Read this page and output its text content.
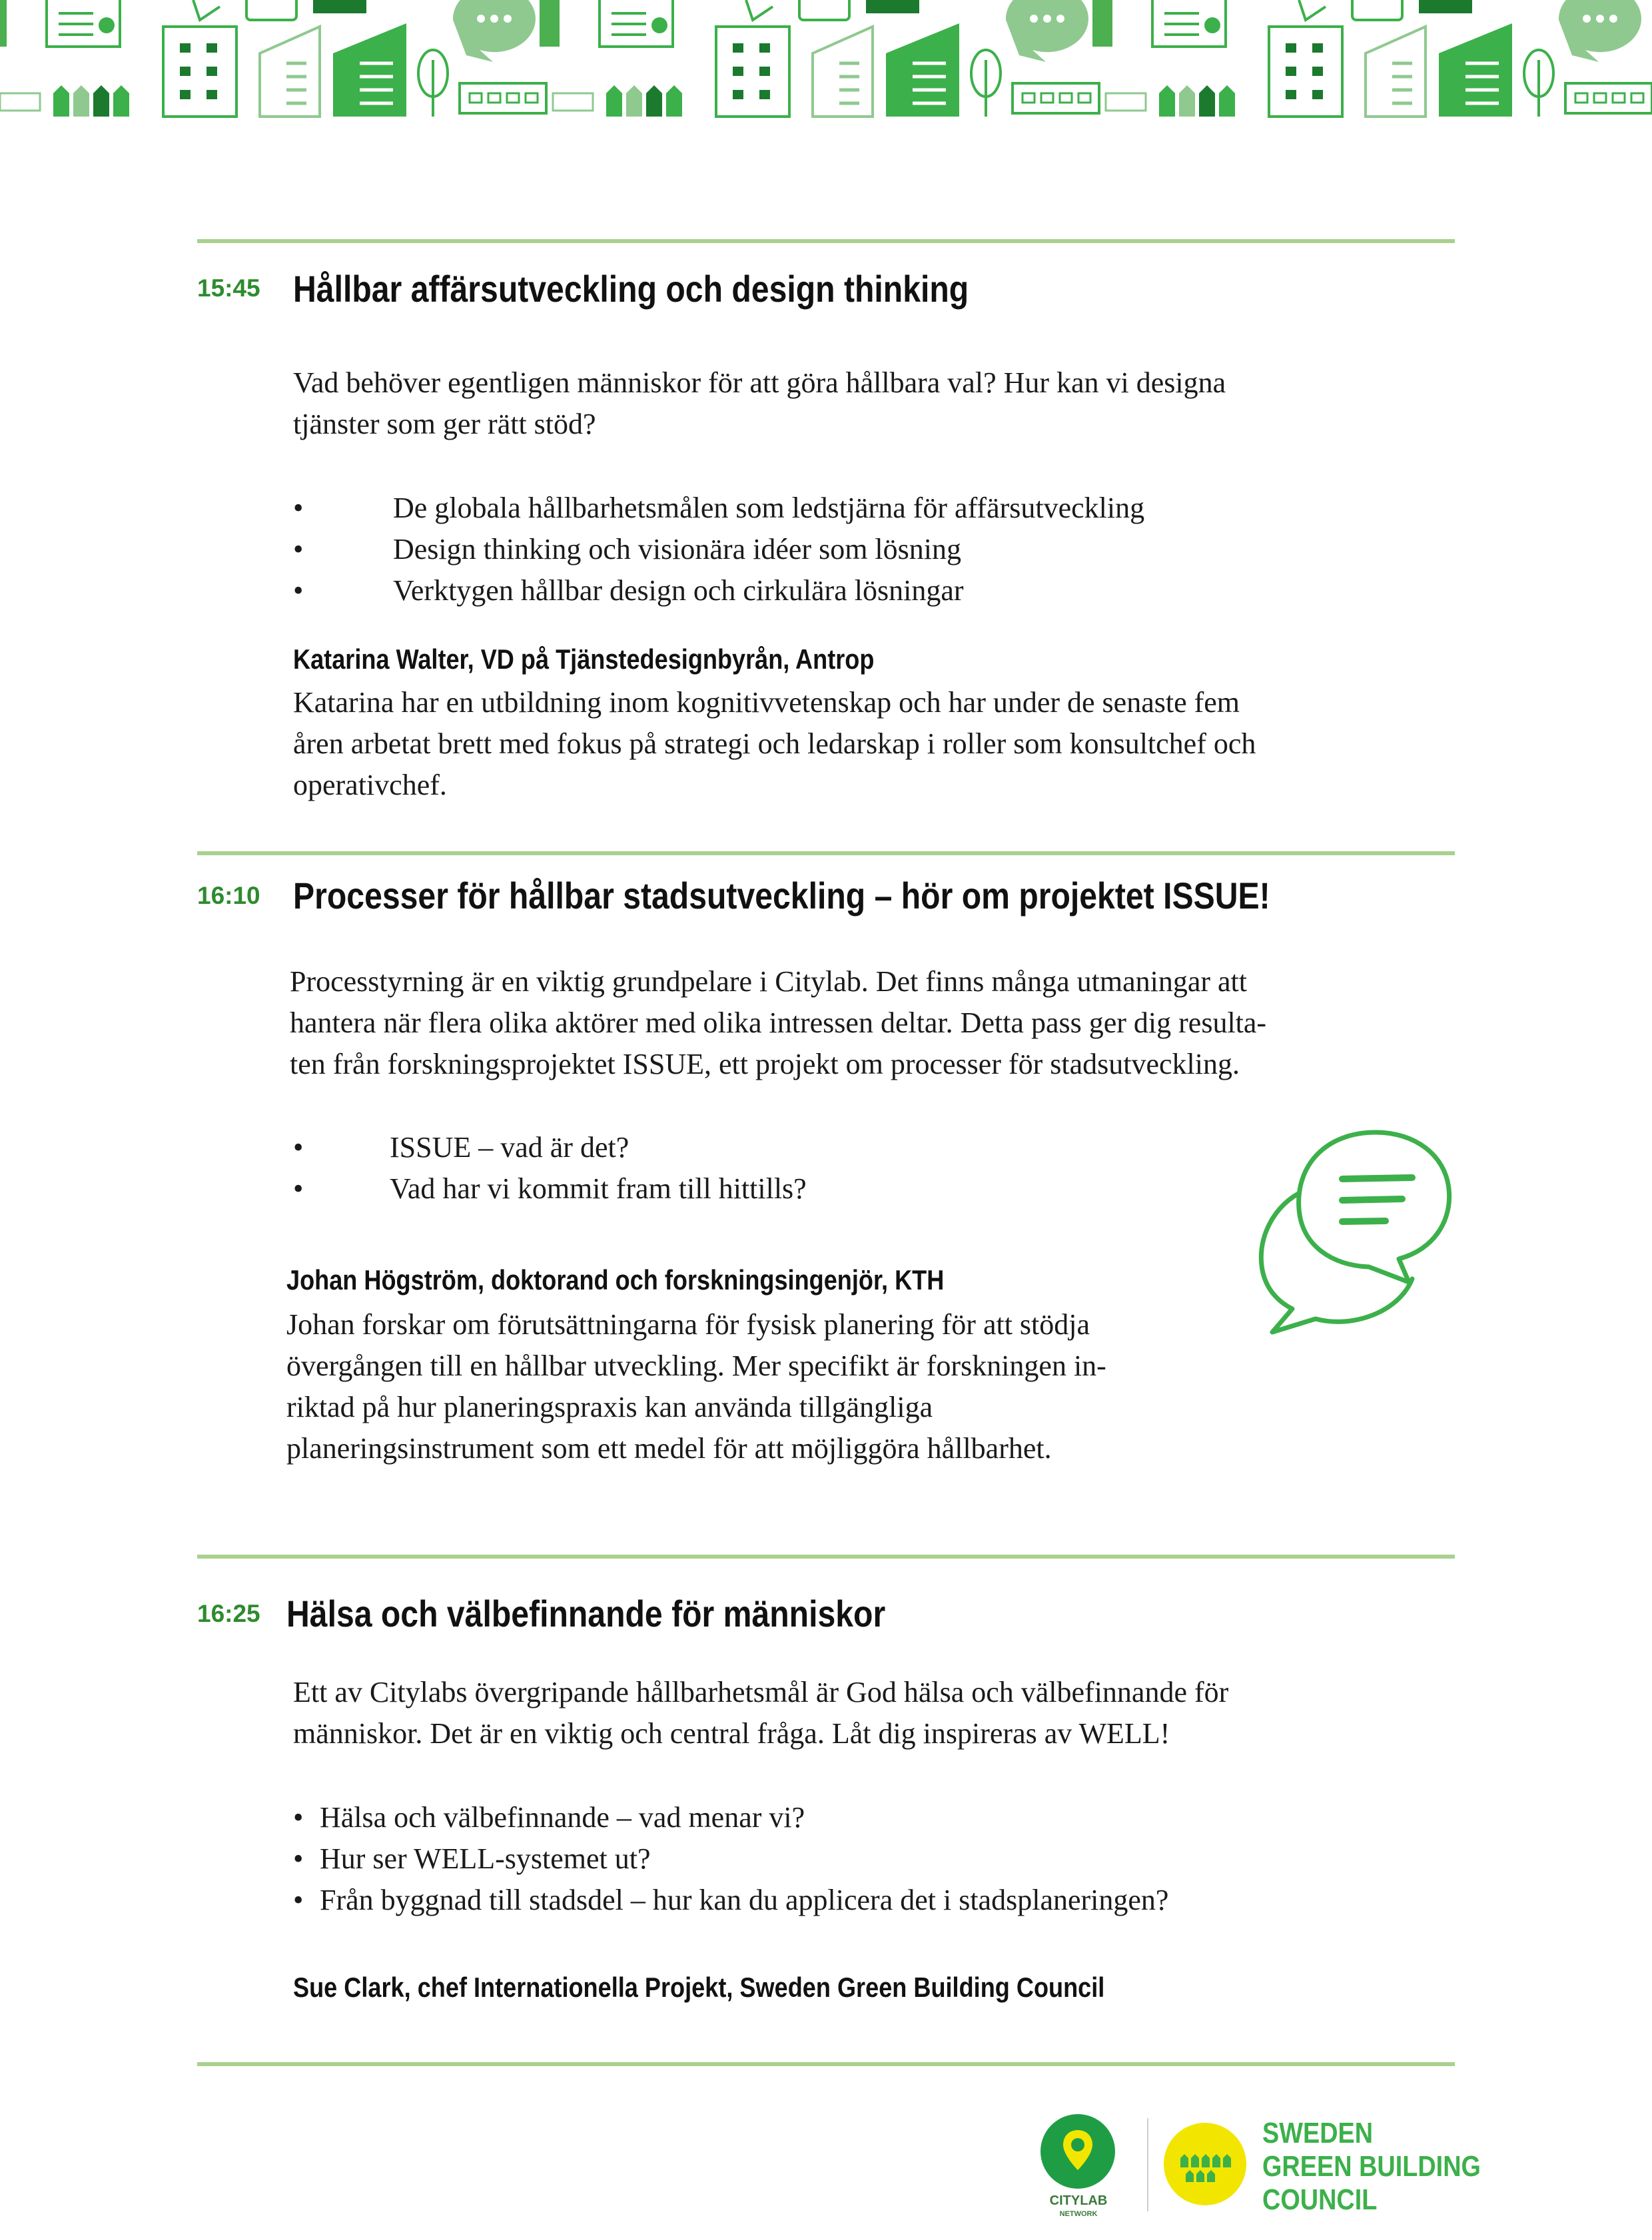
15:45 Hållbar affärsutveckling och design thinking
Vad behöver egentligen människor för att göra hållbara val? Hur kan vi designa
tjänster som ger rätt stöd?
•	De globala hållbarhetsmålen som ledstjärna för affärsutveckling
•	Design thinking och visionära idéer som lösning
•	Verktygen hållbar design och cirkulära lösningar
Katarina Walter, VD på Tjänstedesignbyrån, Antrop
Katarina har en utbildning inom kognitivvetenskap och har under de senaste fem
åren arbetat brett med fokus på strategi och ledarskap i roller som konsultchef och
operativchef.
16:10 Processer för hållbar stadsutveckling – hör om projektet ISSUE!
Processtyrning är en viktig grundpelare i Citylab. Det finns många utmaningar att
hantera när flera olika aktörer med olika intressen deltar. Detta pass ger dig resulta-
ten från forskningsprojektet ISSUE, ett projekt om processer för stadsutveckling.
•	ISSUE – vad är det?
•	Vad har vi kommit fram till hittills?
Johan Högström, doktorand och forskningsingenjör, KTH
Johan forskar om förutsättningarna för fysisk planering för att stödja
övergången till en hållbar utveckling. Mer specifikt är forskningen in-
riktad på hur planeringspraxis kan använda tillgängliga
planeringsinstrument som ett medel för att möjliggöra hållbarhet.
16:25 Hälsa och välbefinnande för människor
Ett av Citylabs övergripande hållbarhetsmål är God hälsa och välbefinnande för
människor. Det är en viktig och central fråga. Låt dig inspireras av WELL!
• Hälsa och välbefinnande – vad menar vi?
• Hur ser WELL-systemet ut?
• Från byggnad till stadsdel – hur kan du applicera det i stadsplaneringen?
Sue Clark, chef Internationella Projekt, Sweden Green Building Council
CITYLAB
NETWORK
SWEDEN
GREEN BUILDING
COUNCIL
